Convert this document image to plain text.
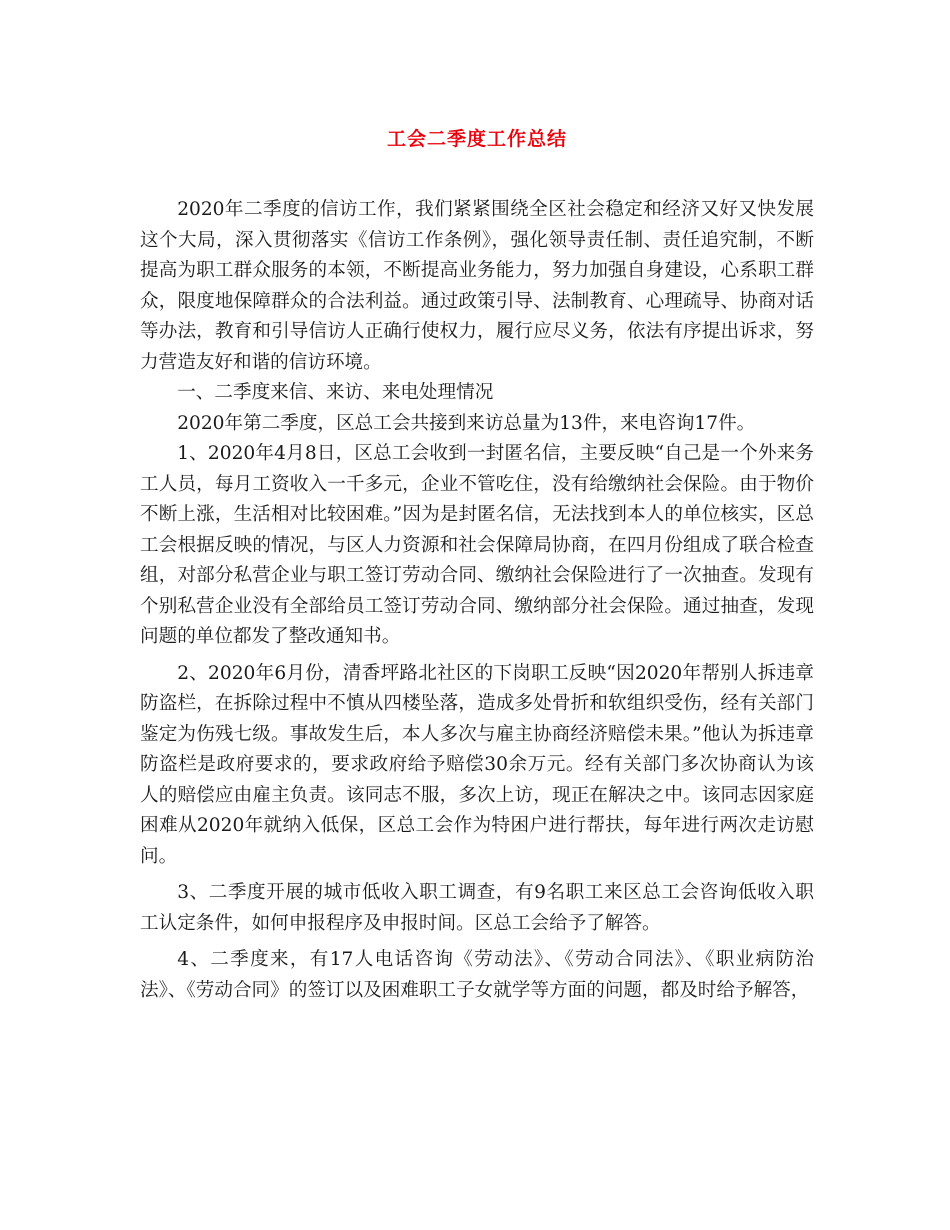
工会二季度工作总结

2020年二季度的信访工作，我们紧紧围绕全区社会稳定和经济又好又快发展这个大局，深入贯彻落实《信访工作条例》，强化领导责任制、责任追究制，不断提高为职工群众服务的本领，不断提高业务能力，努力加强自身建设，心系职工群众，限度地保障群众的合法利益。通过政策引导、法制教育、心理疏导、协商对话等办法，教育和引导信访人正确行使权力，履行应尽义务，依法有序提出诉求，努力营造友好和谐的信访环境。

一、二季度来信、来访、来电处理情况

2020年第二季度，区总工会共接到来访总量为13件，来电咨询17件。

1、2020年4月8日，区总工会收到一封匿名信，主要反映“自己是一个外来务工人员，每月工资收入一千多元，企业不管吃住，没有给缴纳社会保险。由于物价不断上涨，生活相对比较困难。”因为是封匿名信，无法找到本人的单位核实，区总工会根据反映的情况，与区人力资源和社会保障局协商，在四月份组成了联合检查组，对部分私营企业与职工签订劳动合同、缴纳社会保险进行了一次抽查。发现有个别私营企业没有全部给员工签订劳动合同、缴纳部分社会保险。通过抽查，发现问题的单位都发了整改通知书。

2、2020年6月份，清香坪路北社区的下岗职工反映“因2020年帮别人拆违章防盗栏，在拆除过程中不慎从四楼坠落，造成多处骨折和软组织受伤，经有关部门鉴定为伤残七级。事故发生后，本人多次与雇主协商经济赔偿未果。”他认为拆违章防盗栏是政府要求的，要求政府给予赔偿30余万元。经有关部门多次协商认为该人的赔偿应由雇主负责。该同志不服，多次上访，现正在解决之中。该同志因家庭困难从2020年就纳入低保，区总工会作为特困户进行帮扶，每年进行两次走访慰问。

3、二季度开展的城市低收入职工调查，有9名职工来区总工会咨询低收入职工认定条件，如何申报程序及申报时间。区总工会给予了解答。

4、二季度来，有17人电话咨询《劳动法》、《劳动合同法》、《职业病防治法》、《劳动合同》的签订以及困难职工子女就学等方面的问题，都及时给予解答，
